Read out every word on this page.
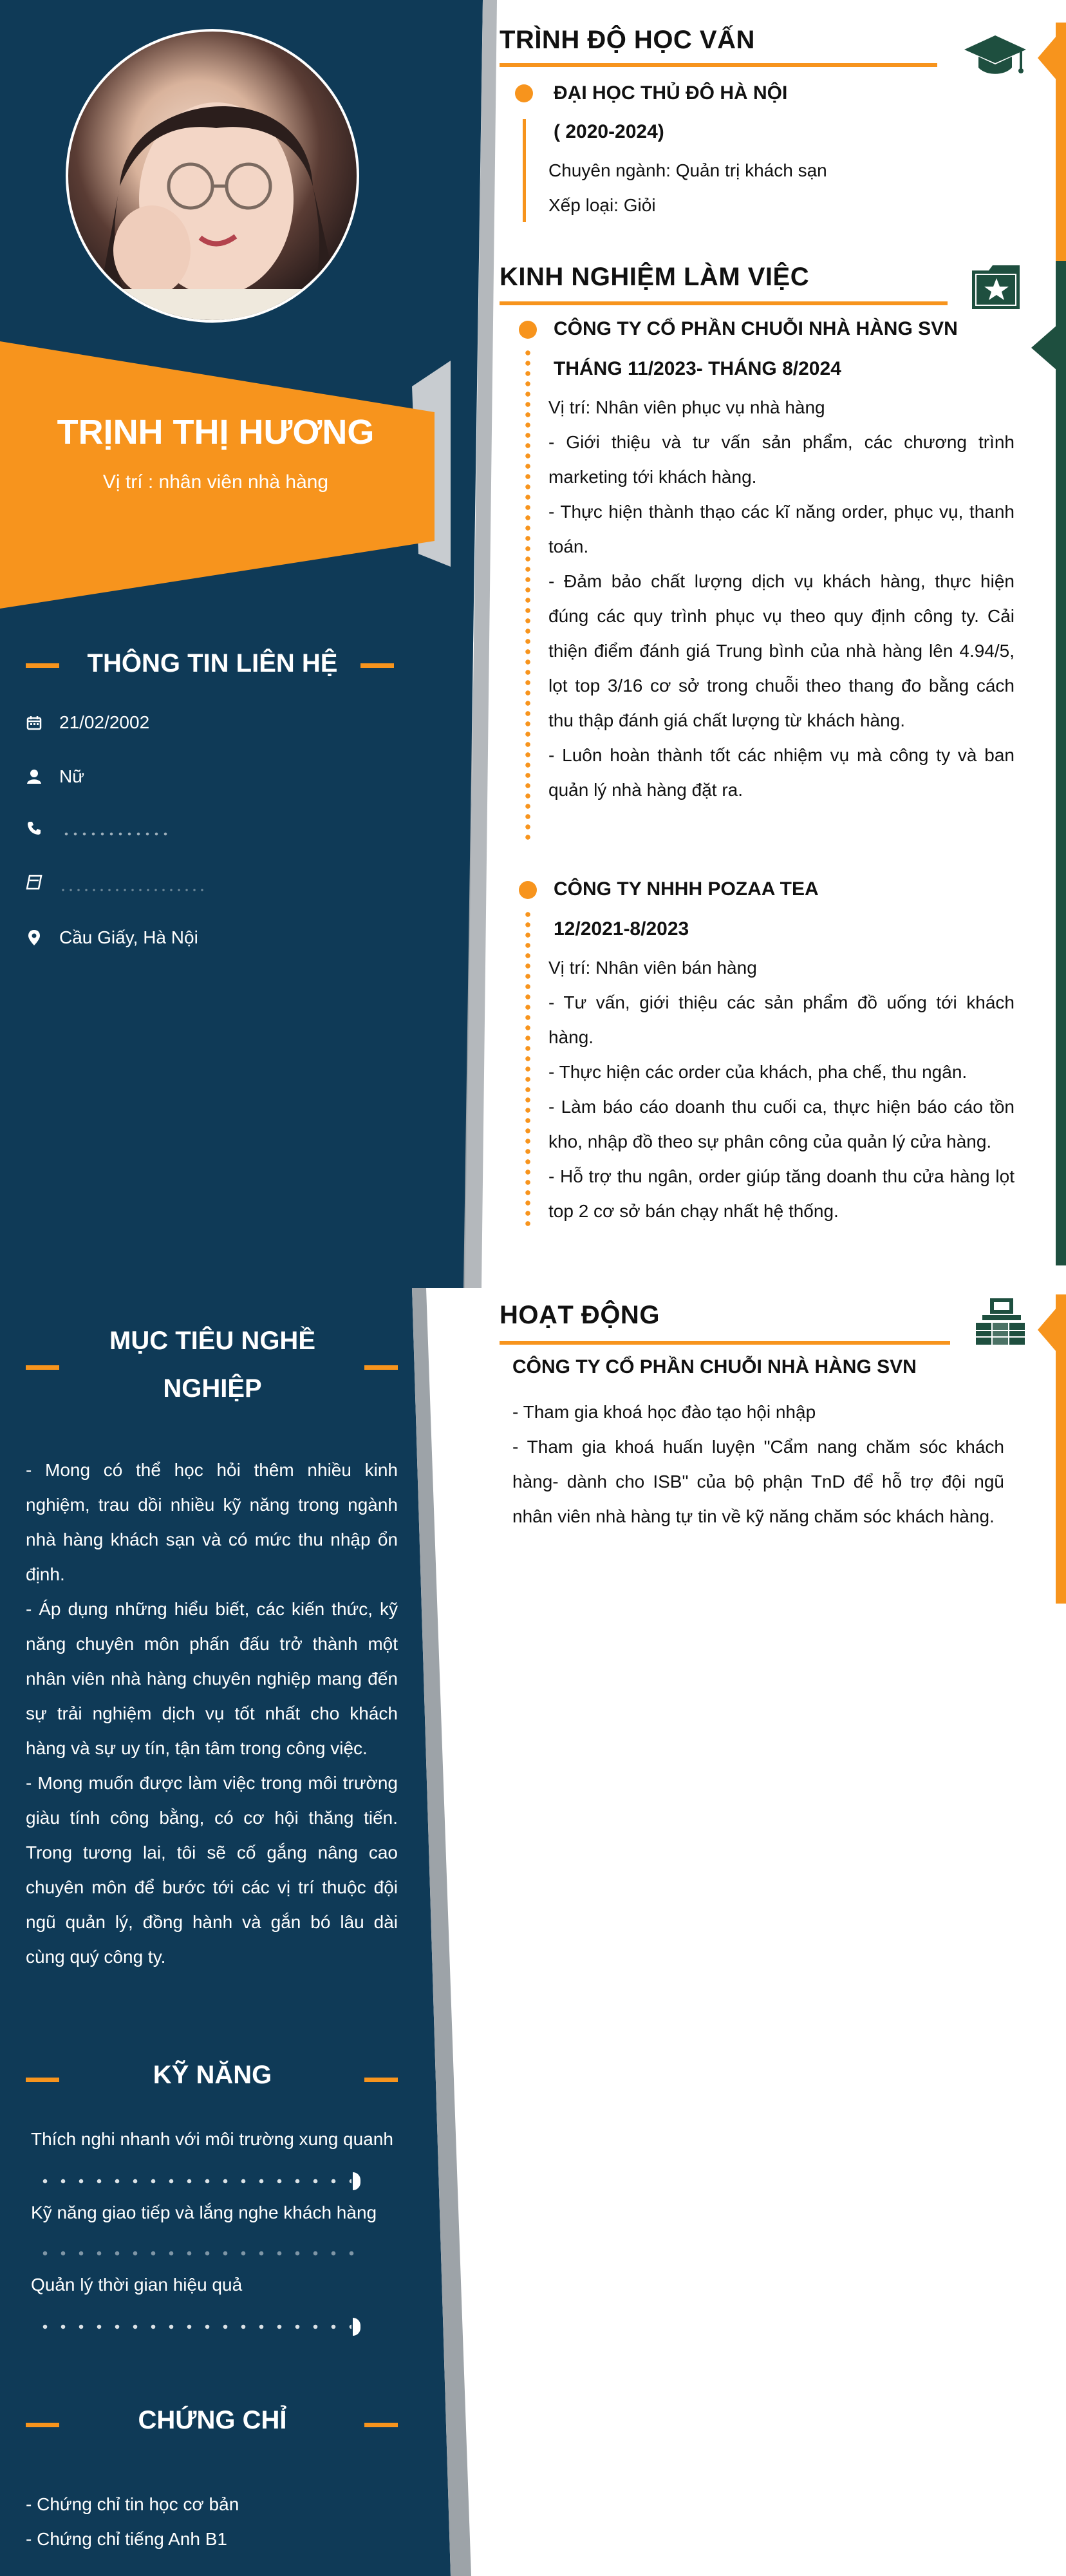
TRỊNH THỊ HƯƠNG
Vị trí : nhân viên nhà hàng
THÔNG TIN LIÊN HỆ
21/02/2002
Nữ
Cầu Giấy, Hà Nội
TRÌNH ĐỘ HỌC VẤN
ĐẠI HỌC THỦ ĐÔ HÀ NỘI
( 2020-2024)
Chuyên ngành: Quản trị khách sạn
Xếp loại: Giỏi
KINH NGHIỆM LÀM VIỆC
CÔNG TY CỔ PHẦN CHUỖI NHÀ HÀNG SVN
THÁNG 11/2023- THÁNG 8/2024

Vị trí: Nhân viên phục vụ nhà hàng

- Giới thiệu và tư vấn sản phẩm, các chương trình marketing tới khách hàng.

- Thực hiện thành thạo các kĩ năng order, phục vụ, thanh toán.

- Đảm bảo chất lượng dịch vụ khách hàng, thực hiện đúng các quy trình phục vụ theo quy định công ty. Cải thiện điểm đánh giá Trung bình của nhà hàng lên 4.94/5, lọt top 3/16 cơ sở trong chuỗi theo thang đo bằng cách thu thập đánh giá chất lượng từ khách hàng.

- Luôn hoàn thành tốt các nhiệm vụ mà công ty và ban quản lý nhà hàng đặt ra.

CÔNG TY NHHH POZAA TEA
12/2021-8/2023

Vị trí: Nhân viên bán hàng

- Tư vấn, giới thiệu các sản phẩm đồ uống tới khách hàng.

- Thực hiện các order của khách, pha chế, thu ngân.

- Làm báo cáo doanh thu cuối ca, thực hiện báo cáo tồn kho, nhập đồ theo sự phân công của quản lý cửa hàng.

- Hỗ trợ thu ngân, order giúp tăng doanh thu cửa hàng lọt top 2 cơ sở bán chạy nhất hệ thống.

MỤC TIÊU NGHỀ
NGHIỆP

- Mong có thể học hỏi thêm nhiều kinh nghiệm, trau dồi nhiều kỹ năng trong ngành nhà hàng khách sạn và có mức thu nhập ổn định.

- Áp dụng những hiểu biết, các kiến thức, kỹ năng chuyên môn phấn đấu trở thành một nhân viên nhà hàng chuyên nghiệp mang đến sự trải nghiệm dịch vụ tốt nhất cho khách hàng và sự uy tín, tận tâm trong công việc.

- Mong muốn được làm việc trong môi trường giàu tính công bằng, có cơ hội thăng tiến. Trong tương lai, tôi sẽ cố gắng nâng cao chuyên môn để bước tới các vị trí thuộc đội ngũ quản lý, đồng hành và gắn bó lâu dài cùng quý công ty.

KỸ NĂNG
Thích nghi nhanh với môi trường xung quanh
Kỹ năng giao tiếp và lắng nghe khách hàng
Quản lý thời gian hiệu quả
CHỨNG CHỈ

- Chứng chỉ tin học cơ bản

- Chứng chỉ tiếng Anh B1

HOẠT ĐỘNG
CÔNG TY CỔ PHẦN CHUỖI NHÀ HÀNG SVN

- Tham gia khoá học đào tạo hội nhập

- Tham gia khoá huấn luyện "Cẩm nang chăm sóc khách hàng- dành cho ISB" của bộ phận TnD để hỗ trợ đội ngũ nhân viên nhà hàng tự tin về kỹ năng chăm sóc khách hàng.
